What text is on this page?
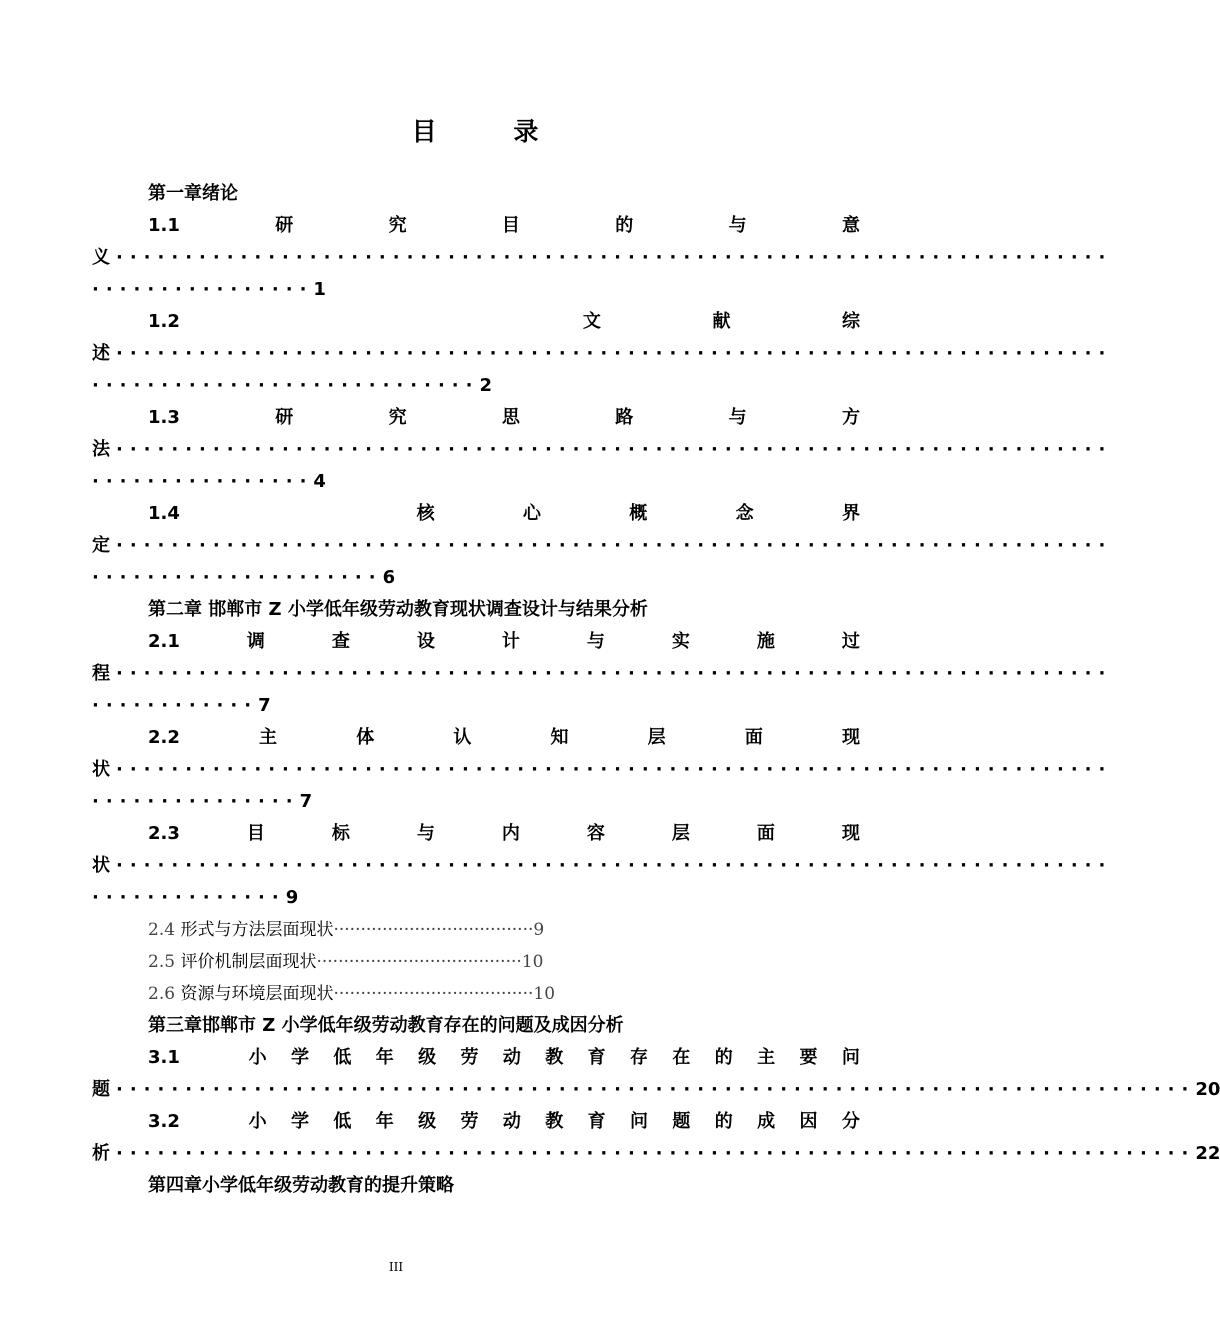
目 录
第一章绪论
1.1	研	究	目	的	与	意
义 ········································································
················1
1.2	文	献	综
述 ········································································
····························2
1.3	研	究	思	路	与	方
法 ········································································
················4
1.4	核	心	概	念	界
定 ········································································
·····················6
第二章 邯郸市 Z 小学低年级劳动教育现状调查设计与结果分析
2.1	调	查	设	计	与	实	施	过
程 ········································································
············7
2.2	主	体	认	知	层	面	现
状 ········································································
···············7
2.3	目	标	与	内	容	层	面	现
状 ········································································
··············9
2.4 形式与方法层面现状·····································9
2.5 评价机制层面现状······································10
2.6 资源与环境层面现状·····································10
第三章邯郸市 Z 小学低年级劳动教育存在的问题及成因分析
3.1	小 学 低 年 级 劳 动 教 育 存 在 的 主 要 问
题 ·············································································· 20
3.2	小 学 低 年 级 劳 动 教 育 问 题 的 成 因 分
析 ·············································································· 22
第四章小学低年级劳动教育的提升策略
III
